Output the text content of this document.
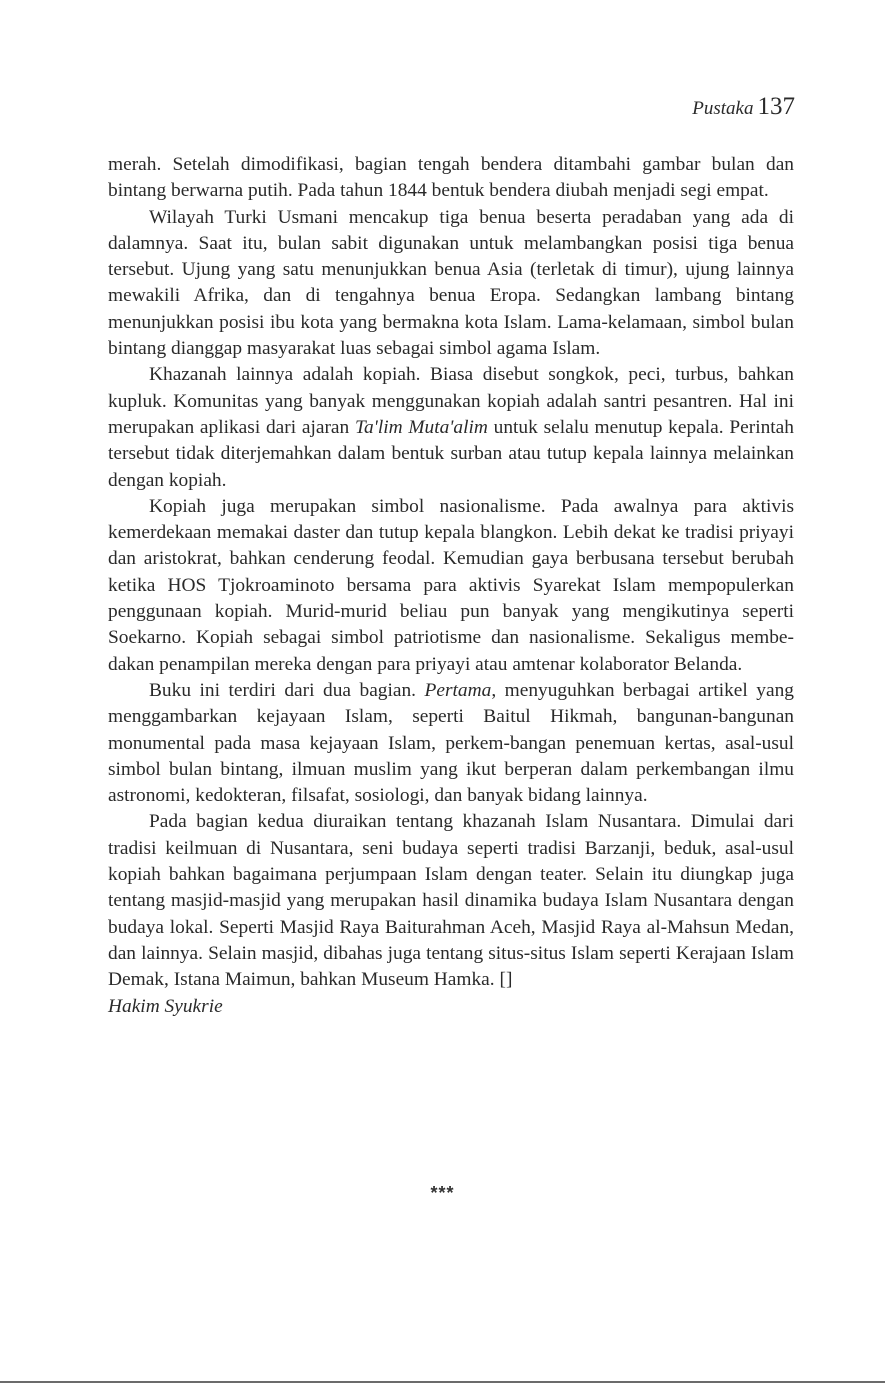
Pustaka 137

merah. Setelah dimodifikasi, bagian tengah bendera ditambahi gambar bulan dan bintang berwarna putih. Pada tahun 1844 bentuk bendera diubah menjadi segi empat.

Wilayah Turki Usmani mencakup tiga benua beserta peradaban yang ada di dalamnya. Saat itu, bulan sabit digunakan untuk melambangkan posisi tiga benua tersebut. Ujung yang satu menunjukkan benua Asia (terletak di timur), ujung lainnya mewakili Afrika, dan di tengahnya benua Eropa. Sedangkan lambang bintang menunjukkan posisi ibu kota yang bermakna kota Islam. Lama-kelamaan, simbol bulan bintang dianggap masyarakat luas sebagai simbol agama Islam.

Khazanah lainnya adalah kopiah. Biasa disebut songkok, peci, turbus, bahkan kupluk. Komunitas yang banyak menggunakan kopiah adalah santri pesantren. Hal ini merupakan aplikasi dari ajaran Ta'lim Muta'alim untuk selalu menutup kepala. Perintah tersebut tidak diterjemahkan dalam bentuk surban atau tutup kepala lainnya melainkan dengan kopiah.

Kopiah juga merupakan simbol nasionalisme. Pada awalnya para aktivis kemerdekaan memakai daster dan tutup kepala blangkon. Lebih dekat ke tradisi priyayi dan aristokrat, bahkan cenderung feodal. Kemudian gaya berbusana tersebut berubah ketika HOS Tjokroaminoto bersama para aktivis Syarekat Islam mempopulerkan penggunaan kopiah. Murid-murid beliau pun banyak yang mengikutinya seperti Soekarno. Kopiah sebagai simbol patriotisme dan nasionalisme. Sekaligus membe-dakan penampilan mereka dengan para priyayi atau amtenar kolaborator Belanda.

Buku ini terdiri dari dua bagian. Pertama, menyuguhkan berbagai artikel yang menggambarkan kejayaan Islam, seperti Baitul Hikmah, bangunan-bangunan monumental pada masa kejayaan Islam, perkem-bangan penemuan kertas, asal-usul simbol bulan bintang, ilmuan muslim yang ikut berperan dalam perkembangan ilmu astronomi, kedokteran, filsafat, sosiologi, dan banyak bidang lainnya.

Pada bagian kedua diuraikan tentang khazanah Islam Nusantara. Dimulai dari tradisi keilmuan di Nusantara, seni budaya seperti tradisi Barzanji, beduk, asal-usul kopiah bahkan bagaimana perjumpaan Islam dengan teater. Selain itu diungkap juga tentang masjid-masjid yang merupakan hasil dinamika budaya Islam Nusantara dengan budaya lokal. Seperti Masjid Raya Baiturahman Aceh, Masjid Raya al-Mahsun Medan, dan lainnya. Selain masjid, dibahas juga tentang situs-situs Islam seperti Kerajaan Islam Demak, Istana Maimun, bahkan Museum Hamka. []

Hakim Syukrie
***
